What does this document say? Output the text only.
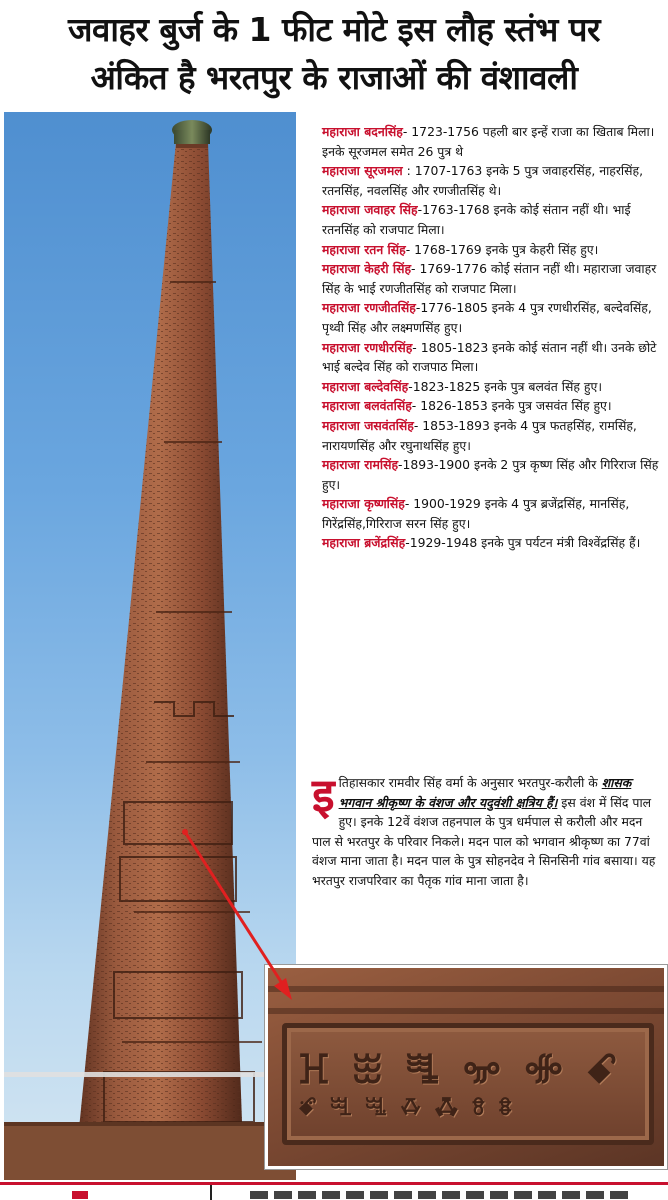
जवाहर बुर्ज के 1 फीट मोटे इस लौह स्तंभ पर
अंकित है भरतपुर के राजाओं की वंशावली
महाराजा बदनसिंह- 1723-1756 पहली बार इन्हें राजा का खिताब मिला। इनके सूरजमल समेत 26 पुत्र थे
महाराजा सूरजमल : 1707-1763 इनके 5 पुत्र जवाहरसिंह, नाहरसिंह, रतनसिंह, नवलसिंह और रणजीतसिंह थे।
महाराजा जवाहर सिंह-1763-1768 इनके कोई संतान नहीं थी। भाई रतनसिंह को राजपाट मिला।
महाराजा रतन सिंह- 1768-1769 इनके पुत्र केहरी सिंह हुए।
महाराजा केहरी सिंह- 1769-1776 कोई संतान नहीं थी। महाराजा जवाहर सिंह के भाई रणजीतसिंह को राजपाट मिला।
महाराजा रणजीतसिंह-1776-1805 इनके 4 पुत्र रणधीरसिंह, बल्देवसिंह, पृथ्वी सिंह और लक्ष्मणसिंह हुए।
महाराजा रणधीरसिंह- 1805-1823 इनके कोई संतान नहीं थी। उनके छोटे भाई बल्देव सिंह को राजपाठ मिला।
महाराजा बल्देवसिंह-1823-1825 इनके पुत्र बलवंत सिंह हुए।
महाराजा बलवंतसिंह- 1826-1853 इनके पुत्र जसवंत सिंह हुए।
महाराजा जसवंतसिंह- 1853-1893 इनके 4 पुत्र फतहसिंह, रामसिंह, नारायणसिंह और रघुनाथसिंह हुए।
महाराजा रामसिंह-1893-1900 इनके 2 पुत्र कृष्ण सिंह और गिरिराज सिंह हुए।
महाराजा कृष्णसिंह- 1900-1929 इनके 4 पुत्र ब्रजेंद्रसिंह, मानसिंह, गिरेंद्रसिंह,गिरिराज सरन सिंह हुए।
महाराजा ब्रजेंद्रसिंह-1929-1948 इनके पुत्र पर्यटन मंत्री विश्वेंद्रसिंह हैं।
इतिहासकार रामवीर सिंह वर्मा के अनुसार भरतपुर-करौली के शासक भगवान श्रीकृष्ण के वंशज और यदुवंशी क्षत्रिय हैं। इस वंश में सिंद पाल हुए। इनके 12वें वंशज तहनपाल के पुत्र धर्मपाल से करौली और मदन पाल से भरतपुर के परिवार निकले। मदन पाल को भगवान श्रीकृष्ण का 77वां वंशज माना जाता है। मदन पाल के पुत्र सोहनदेव ने सिनसिनी गांव बसाया। यह भरतपुर राजपरिवार का पैतृक गांव माना जाता है।
ꖾ ꖿ ꗀ ꗁ ꗂ ꗃ
ꗄ ꗅ ꗆ ꗇ ꗈ ꗉ ꗊ
